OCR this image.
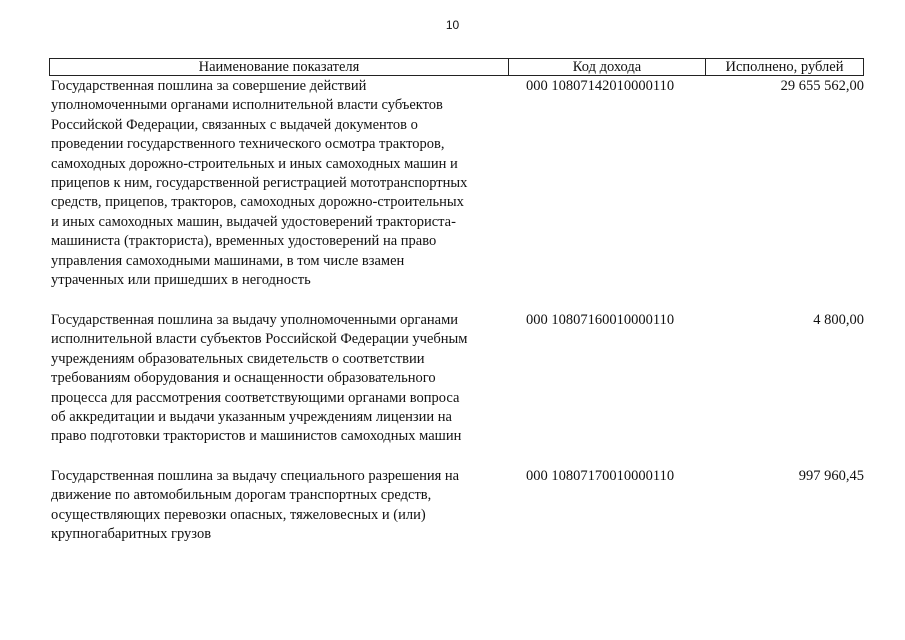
10
Наименование показателя	Код дохода	Исполнено, рублей
Государственная пошлина за совершение действий
уполномоченными органами исполнительной власти субъектов
Российской Федерации, связанных с выдачей документов о
проведении государственного технического осмотра тракторов,
самоходных дорожно-строительных и иных самоходных машин и
прицепов к ним, государственной регистрацией мототранспортных
средств, прицепов, тракторов, самоходных дорожно-строительных
и иных самоходных машин, выдачей удостоверений тракториста-
машиниста (тракториста), временных удостоверений на право
управления самоходными машинами, в том числе взамен
утраченных или пришедших в негодность
000 10807142010000110	29 655 562,00
Государственная пошлина за выдачу уполномоченными органами
исполнительной власти субъектов Российской Федерации учебным
учреждениям образовательных свидетельств о соответствии
требованиям оборудования и оснащенности образовательного
процесса для рассмотрения соответствующими органами вопроса
об аккредитации и выдачи указанным учреждениям лицензии на
право подготовки трактористов и машинистов самоходных машин
000 10807160010000110	4 800,00
Государственная пошлина за выдачу специального разрешения на
движение по автомобильным дорогам транспортных средств,
осуществляющих перевозки опасных, тяжеловесных и (или)
крупногабаритных грузов
000 10807170010000110	997 960,45
